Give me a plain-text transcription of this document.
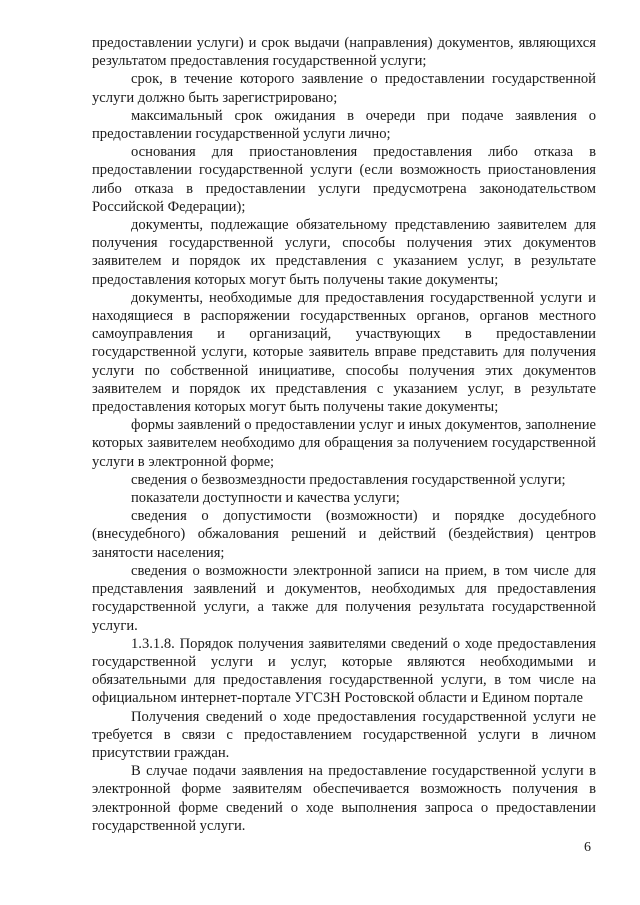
предоставлении услуги) и срок выдачи (направления) документов, являющихся результатом предоставления государственной услуги;

срок, в течение которого заявление о предоставлении государственной услуги должно быть зарегистрировано;

максимальный срок ожидания в очереди при подаче заявления о предоставлении государственной услуги лично;

основания для приостановления предоставления либо отказа в предоставлении государственной услуги (если возможность приостановления либо отказа в предоставлении услуги предусмотрена законодательством Российской Федерации);

документы, подлежащие обязательному представлению заявителем для получения государственной услуги, способы получения этих документов заявителем и порядок их представления с указанием услуг, в результате предоставления которых могут быть получены такие документы;

документы, необходимые для предоставления государственной услуги и находящиеся в распоряжении государственных органов, органов местного самоуправления и организаций, участвующих в предоставлении государственной услуги, которые заявитель вправе представить для получения услуги по собственной инициативе, способы получения этих документов заявителем и порядок их представления с указанием услуг, в результате предоставления которых могут быть получены такие документы;

формы заявлений о предоставлении услуг и иных документов, заполнение которых заявителем необходимо для обращения за получением государственной услуги в электронной форме;

сведения о безвозмездности предоставления государственной услуги;

показатели доступности и качества услуги;

сведения о допустимости (возможности) и порядке досудебного (внесудебного) обжалования решений и действий (бездействия) центров занятости населения;

сведения о возможности электронной записи на прием, в том числе для представления заявлений и документов, необходимых для предоставления государственной услуги, а также для получения результата государственной услуги.

1.3.1.8. Порядок получения заявителями сведений о ходе предоставления государственной услуги и услуг, которые являются необходимыми и обязательными для предоставления государственной услуги, в том числе на официальном интернет-портале УГСЗН Ростовской области и Едином портале

Получения сведений о ходе предоставления государственной услуги не требуется в связи с предоставлением государственной услуги в личном присутствии граждан.

В случае подачи заявления на предоставление государственной услуги в электронной форме заявителям обеспечивается возможность получения в электронной форме сведений о ходе выполнения запроса о предоставлении государственной услуги.

6
